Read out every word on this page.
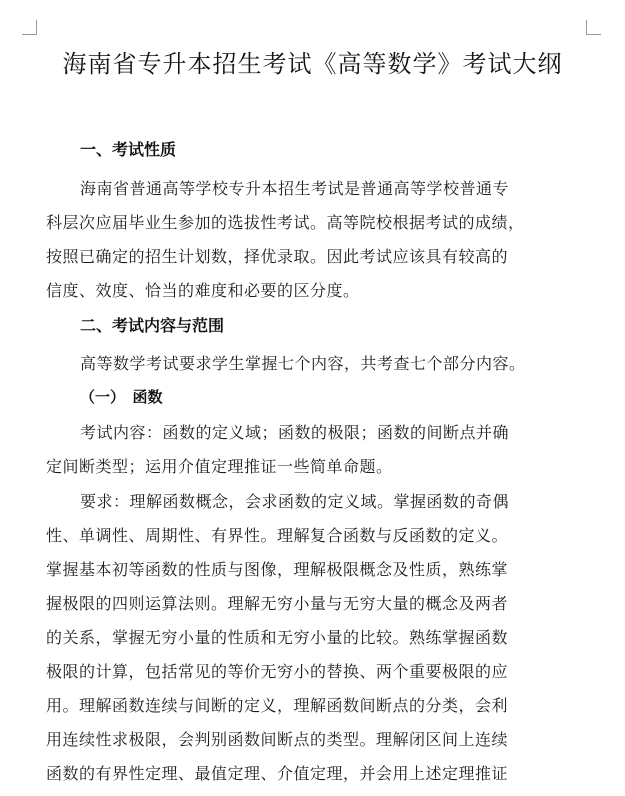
海南省专升本招生考试《高等数学》考试大纲
一、考试性质
海南省普通高等学校专升本招生考试是普通高等学校普通专
科层次应届毕业生参加的选拔性考试。高等院校根据考试的成绩，
按照已确定的招生计划数，择优录取。因此考试应该具有较高的
信度、效度、恰当的难度和必要的区分度。
二、考试内容与范围
高等数学考试要求学生掌握七个内容，共考查七个部分内容。
（一）　函数
考试内容：函数的定义域；函数的极限；函数的间断点并确
定间断类型；运用介值定理推证一些简单命题。
要求：理解函数概念，会求函数的定义域。掌握函数的奇偶
性、单调性、周期性、有界性。理解复合函数与反函数的定义。
掌握基本初等函数的性质与图像，理解极限概念及性质，熟练掌
握极限的四则运算法则。理解无穷小量与无穷大量的概念及两者
的关系，掌握无穷小量的性质和无穷小量的比较。熟练掌握函数
极限的计算，包括常见的等价无穷小的替换、两个重要极限的应
用。理解函数连续与间断的定义，理解函数间断点的分类，会利
用连续性求极限，会判别函数间断点的类型。理解闭区间上连续
函数的有界性定理、最值定理、介值定理，并会用上述定理推证
